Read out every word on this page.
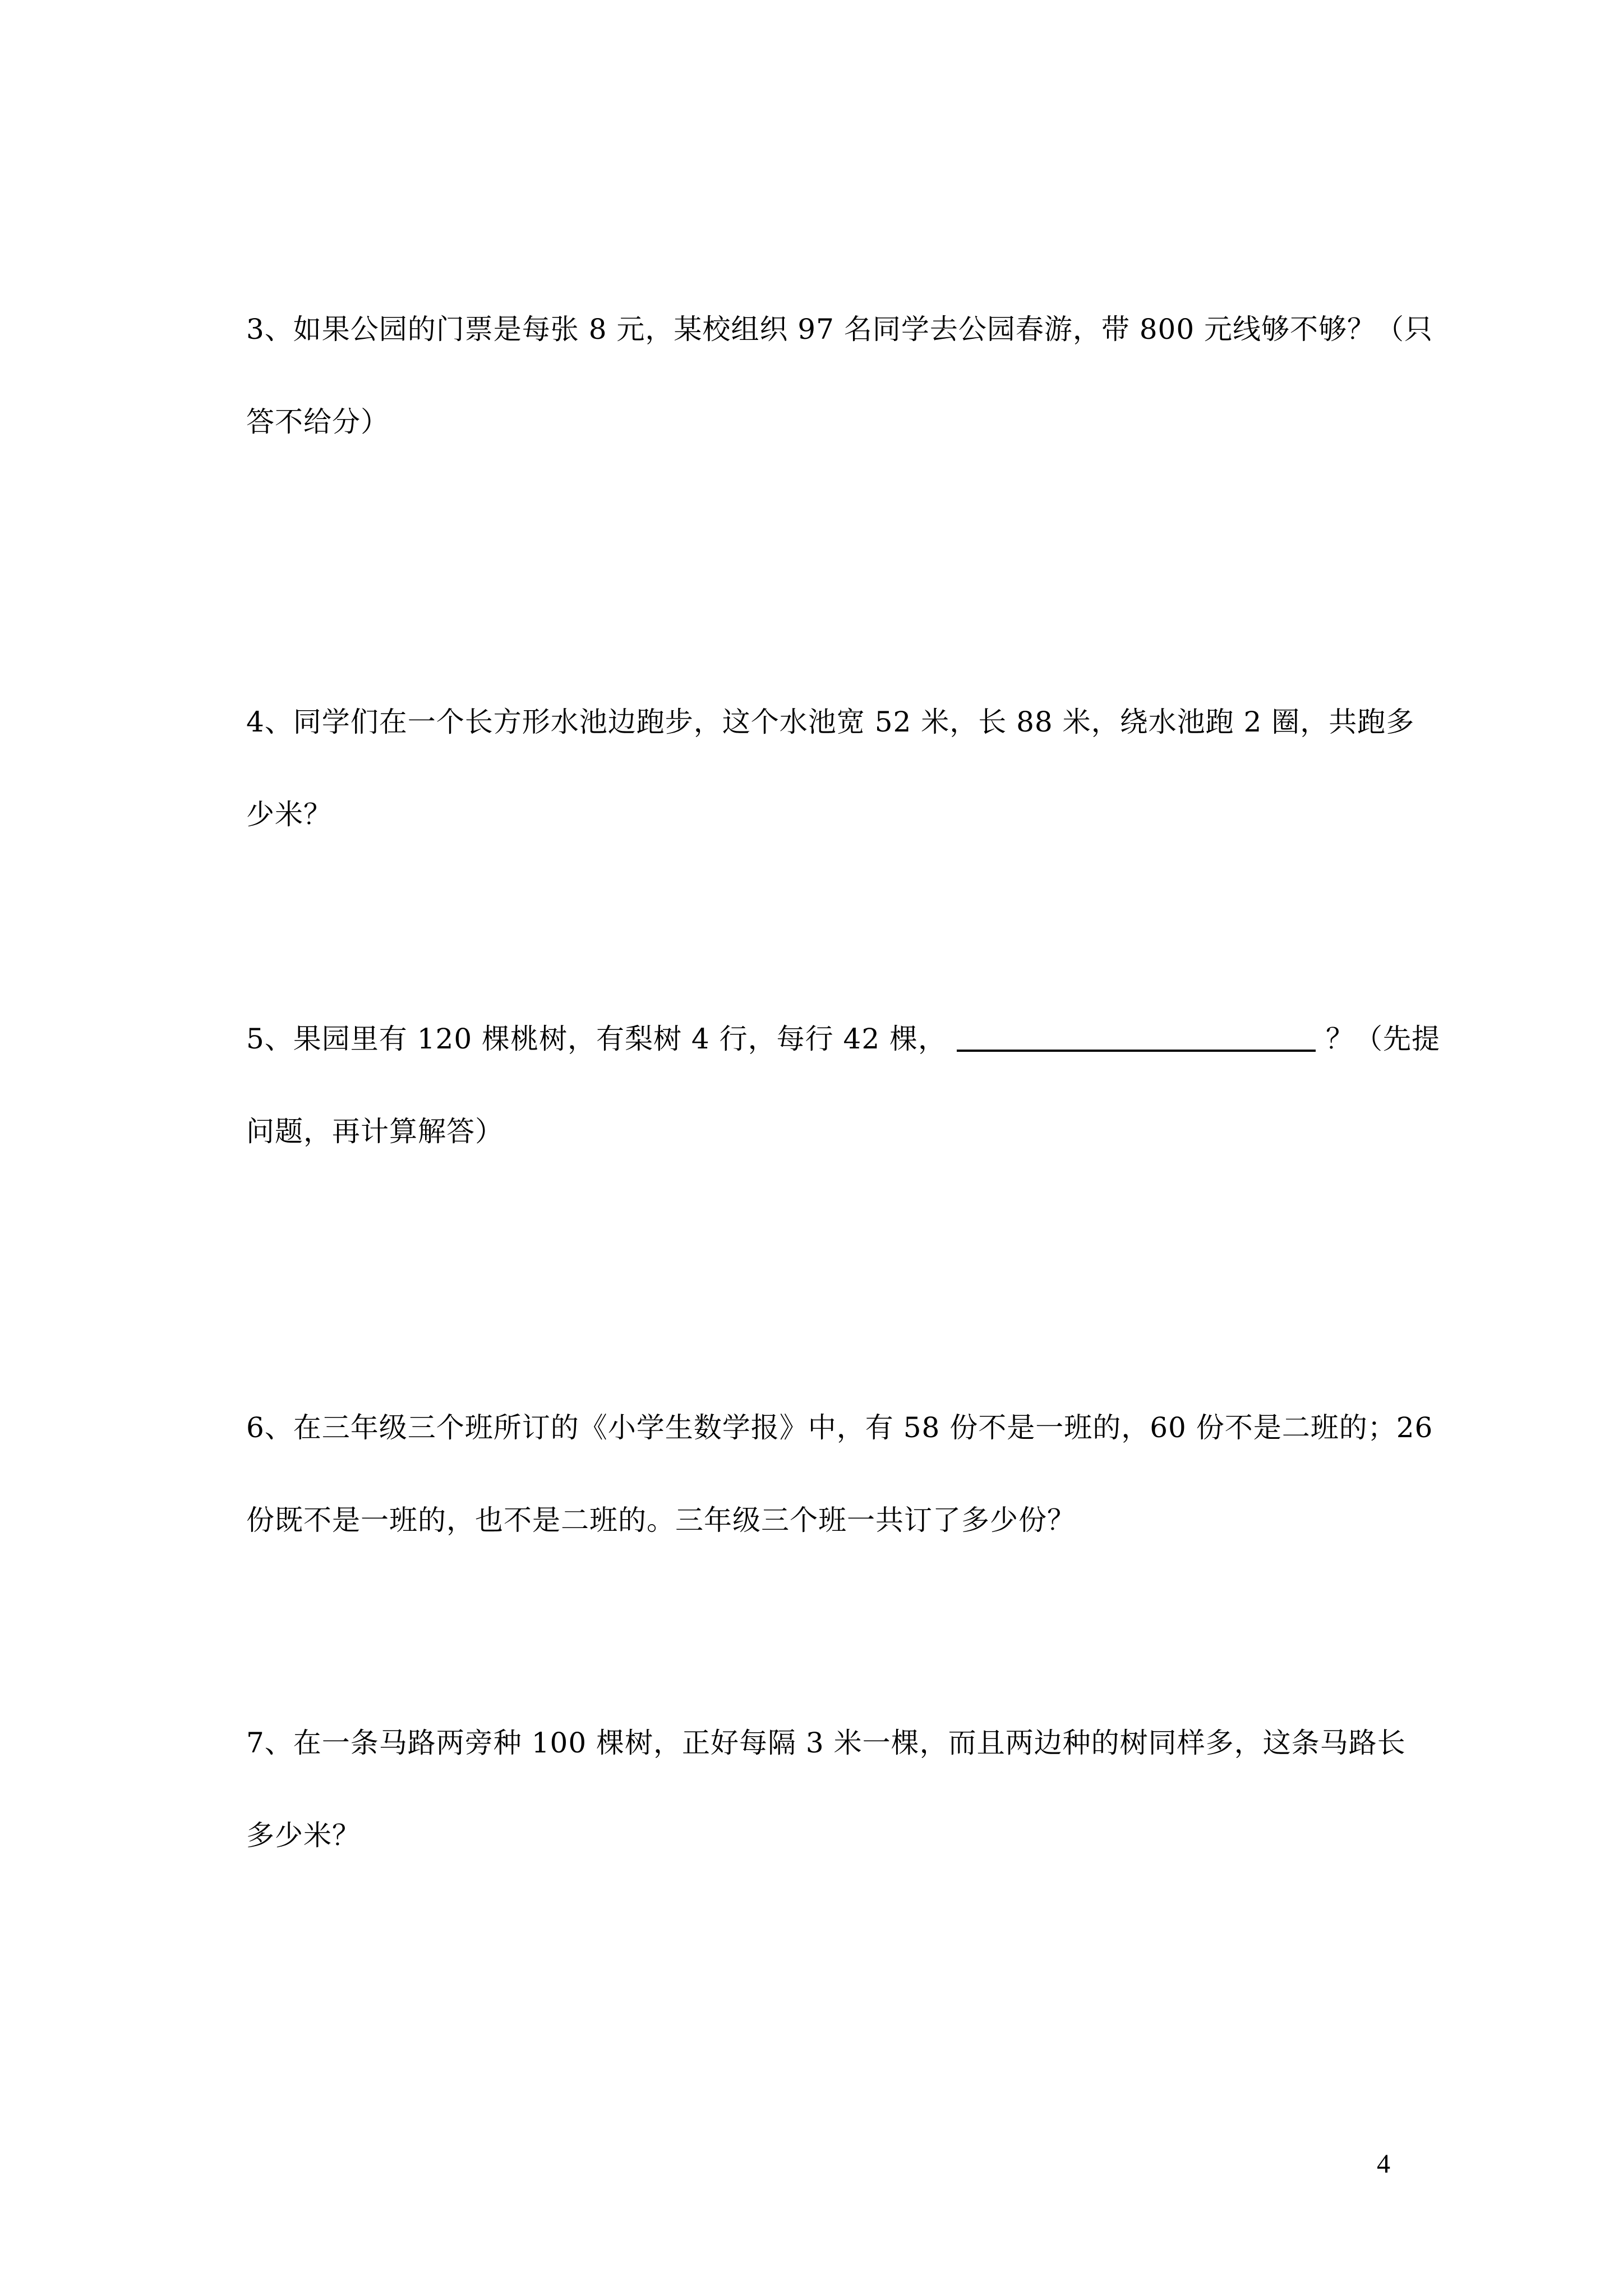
3、如果公园的门票是每张 8 元，某校组织 97 名同学去公园春游，带 800 元线够不够？（只
答不给分）
4、同学们在一个长方形水池边跑步，这个水池宽 52 米，长 88 米，绕水池跑 2 圈，共跑多
少米？
5、果园里有 120 棵桃树，有梨树 4 行，每行 42 棵，	？（先提
问题，再计算解答）
6、在三年级三个班所订的《小学生数学报》中，有 58 份不是一班的，60 份不是二班的；26
份既不是一班的，也不是二班的。三年级三个班一共订了多少份？
7、在一条马路两旁种 100 棵树，正好每隔 3 米一棵，而且两边种的树同样多，这条马路长
多少米？
4
